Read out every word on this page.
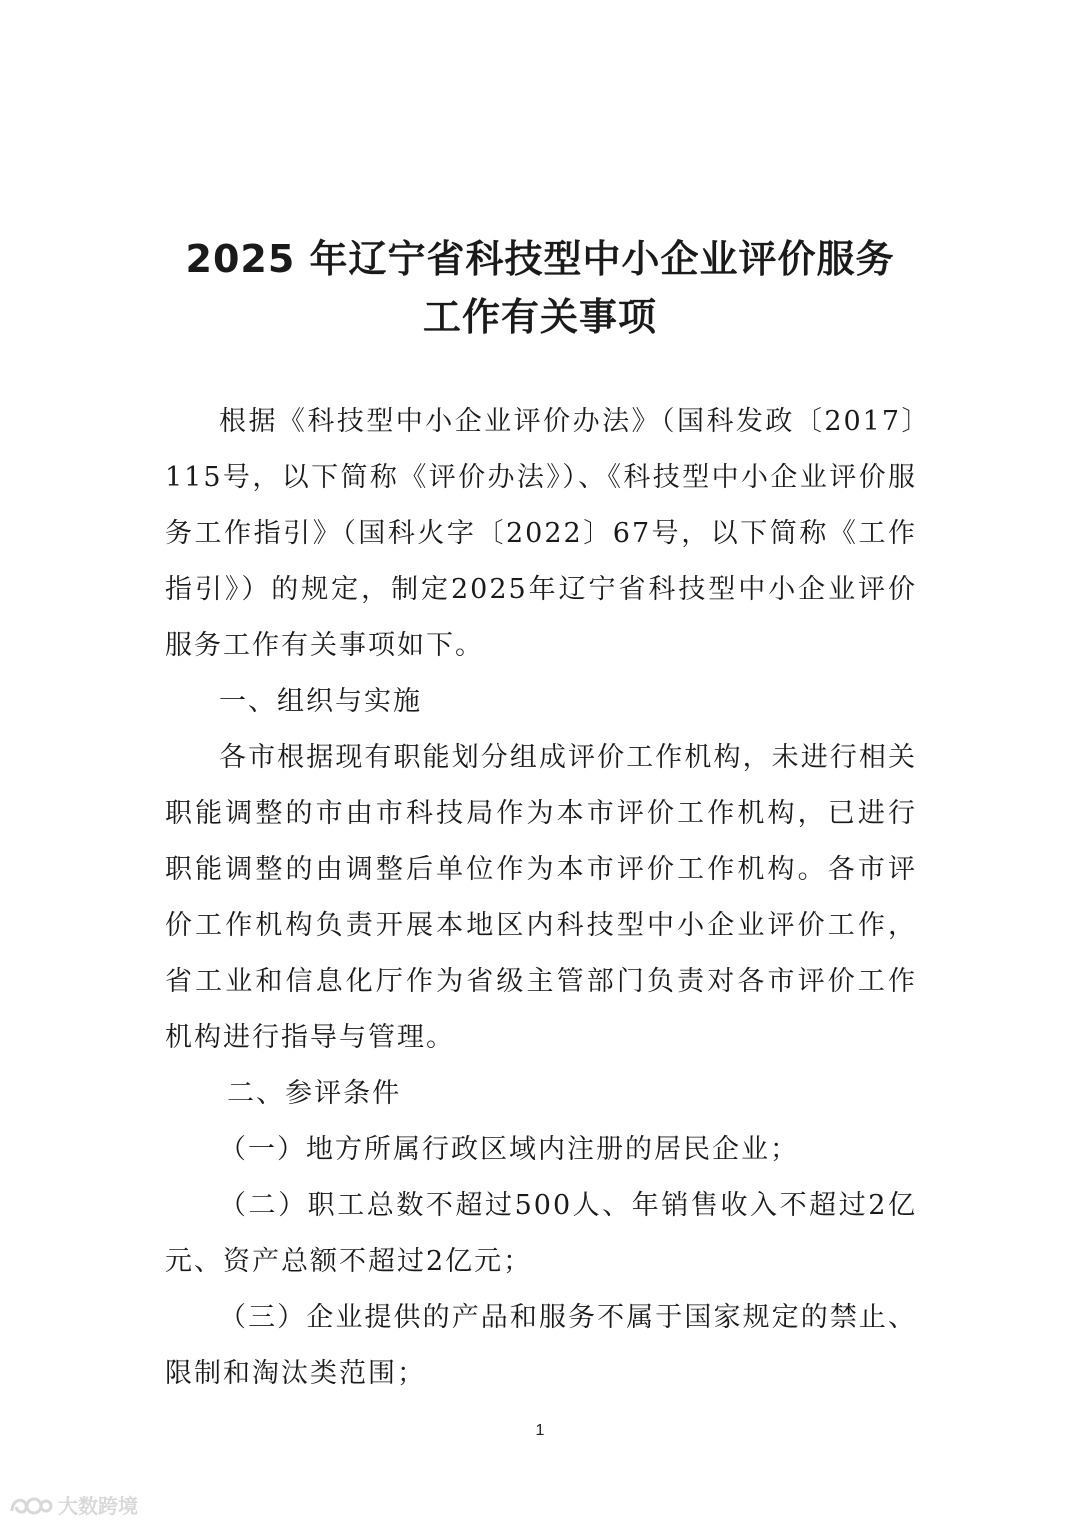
2025 年辽宁省科技型中小企业评价服务
工作有关事项

根据《科技型中小企业评价办法》（国科发政〔2017〕115号，以下简称《评价办法》）、《科技型中小企业评价服务工作指引》（国科火字〔2022〕67号，以下简称《工作指引》）的规定，制定2025年辽宁省科技型中小企业评价服务工作有关事项如下。

一、组织与实施

各市根据现有职能划分组成评价工作机构，未进行相关职能调整的市由市科技局作为本市评价工作机构，已进行职能调整的由调整后单位作为本市评价工作机构。各市评价工作机构负责开展本地区内科技型中小企业评价工作，省工业和信息化厅作为省级主管部门负责对各市评价工作机构进行指导与管理。

二、参评条件

（一）地方所属行政区域内注册的居民企业；

（二）职工总数不超过500人、年销售收入不超过2亿元、资产总额不超过2亿元；

（三）企业提供的产品和服务不属于国家规定的禁止、限制和淘汰类范围；

1
大数跨境
